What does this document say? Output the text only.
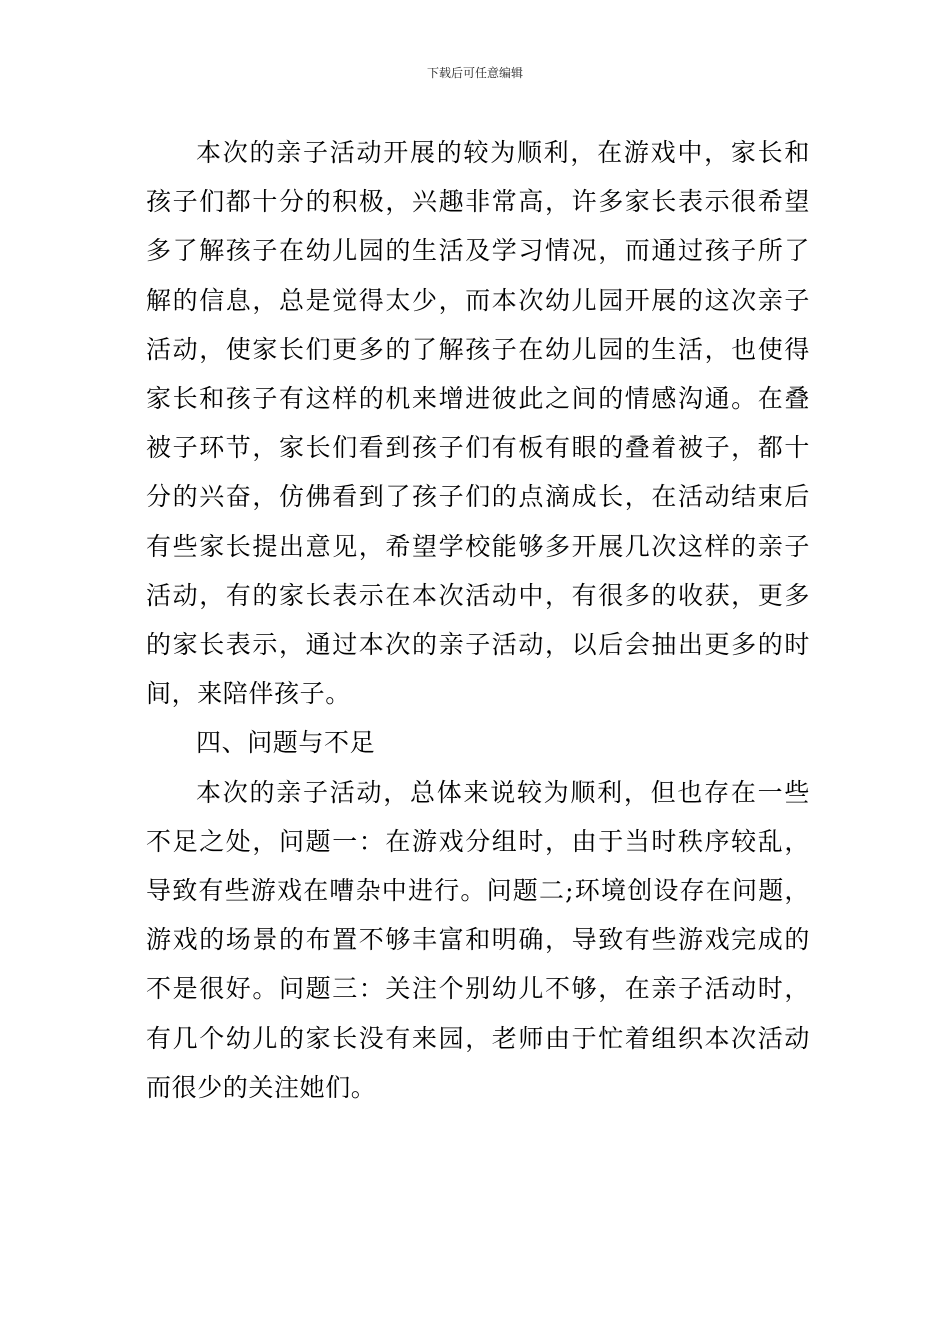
下载后可任意编辑

本次的亲子活动开展的较为顺利，在游戏中，家长和孩子们都十分的积极，兴趣非常高，许多家长表示很希望多了解孩子在幼儿园的生活及学习情况，而通过孩子所了解的信息，总是觉得太少，而本次幼儿园开展的这次亲子活动，使家长们更多的了解孩子在幼儿园的生活，也使得家长和孩子有这样的机来增进彼此之间的情感沟通。在叠被子环节，家长们看到孩子们有板有眼的叠着被子，都十分的兴奋，仿佛看到了孩子们的点滴成长，在活动结束后有些家长提出意见，希望学校能够多开展几次这样的亲子活动，有的家长表示在本次活动中，有很多的收获，更多的家长表示，通过本次的亲子活动，以后会抽出更多的时间，来陪伴孩子。

四、问题与不足

本次的亲子活动，总体来说较为顺利，但也存在一些不足之处，问题一：在游戏分组时，由于当时秩序较乱，导致有些游戏在嘈杂中进行。问题二;环境创设存在问题，游戏的场景的布置不够丰富和明确，导致有些游戏完成的不是很好。问题三：关注个别幼儿不够，在亲子活动时，有几个幼儿的家长没有来园，老师由于忙着组织本次活动而很少的关注她们。
